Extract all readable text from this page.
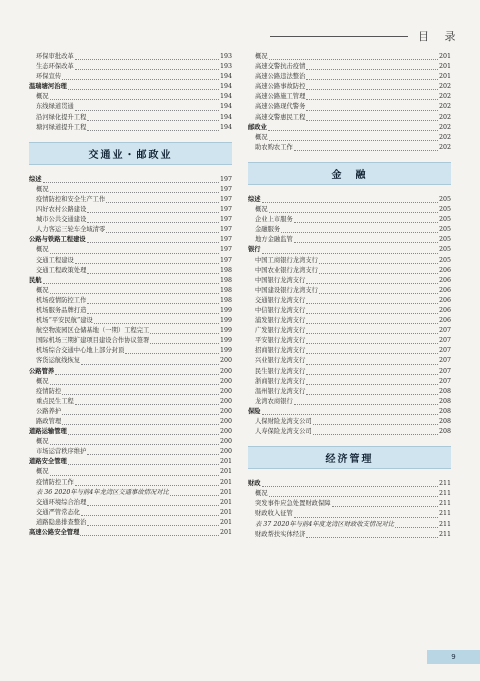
目 录
环保审批改革	193
生态环保改革	193
环保宣传	194
温瑞塘河治理	194
概况	194
东线绿道贯通	194
沿河绿化提升工程	194
塘河绿道提升工程	194
交通业・邮政业
综述	197
概况	197
疫情防控和安全生产工作	197
四好农村公路建设	197
城市公共交通建设	197
人力客运三轮车全域清零	197
公路与铁路工程建设	197
概况	197
交通工程建设	197
交通工程政策处理	198
民航	198
概况	198
机场疫情防控工作	198
机场服务品牌打造	199
机场“平安民航”建设	199
航空物流园区仓储基地（一期）工程完工	199
国际机场三期扩建项目建设合作协议签署	199
机场综合交通中心地上部分封顶	199
客货运航线恢复	200
公路管养	200
概况	200
疫情防控	200
重点民生工程	200
公路养护	200
路政管理	200
道路运输管理	200
概况	200
市场运营秩序维护	200
道路安全管理	201
概况	201
疫情防控工作	201
表 36 2020年与前4年龙湾区交通事故情况对比	201
交通环境综合治理	201
交通严管常态化	201
道路隐患排查整治	201
高速公路安全管理	201
概况	201
高速交警抗击疫情	201
高速公路违法整治	201
高速公路事故防控	202
高速公路施工管理	202
高速公路现代警务	202
高速交警惠民工程	202
邮政业	202
概况	202
助农购农工作	202
金　融
综述	205
概况	205
企业上市服务	205
金融服务	205
地方金融监管	205
银行	205
中国工商银行龙湾支行	205
中国农业银行龙湾支行	206
中国银行龙湾支行	206
中国建设银行龙湾支行	206
交通银行龙湾支行	206
中信银行龙湾支行	206
浦发银行龙湾支行	206
广发银行龙湾支行	207
平安银行龙湾支行	207
招商银行龙湾支行	207
兴业银行龙湾支行	207
民生银行龙湾支行	207
浙商银行龙湾支行	207
温州银行龙湾支行	208
龙湾农商银行	208
保险	208
人保财险龙湾支公司	208
人寿保险龙湾支公司	208
经济管理
财政	211
概况	211
突发事件应急处置财政保障	211
财政收入征管	211
表 37 2020年与前4年度龙湾区财政收支情况对比	211
财政帮扶实体经济	211
9
